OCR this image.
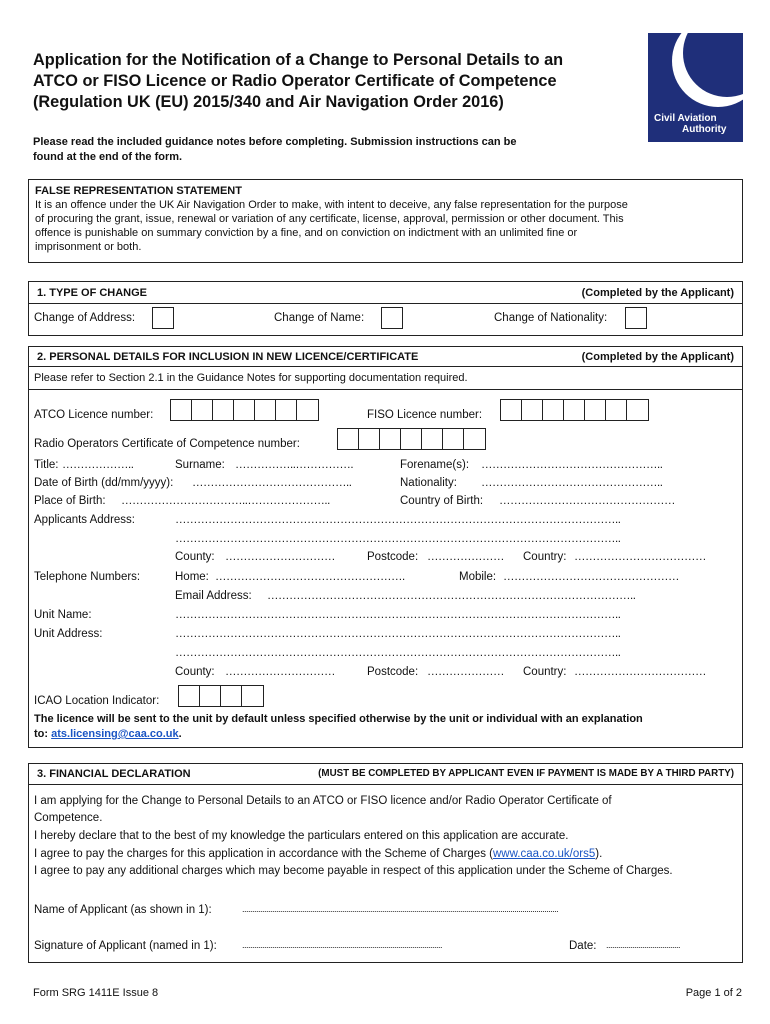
Application for the Notification of a Change to Personal Details to an
ATCO or FISO Licence or Radio Operator Certificate of Competence
(Regulation UK (EU) 2015/340 and Air Navigation Order 2016)
Civil Aviation
Authority
Please read the included guidance notes before completing. Submission instructions can be
found at the end of the form.
FALSE REPRESENTATION STATEMENT
It is an offence under the UK Air Navigation Order to make, with intent to deceive, any false representation for the purpose
of procuring the grant, issue, renewal or variation of any certificate, license, approval, permission or other document. This
offence is punishable on summary conviction by a fine, and on conviction on indictment with an unlimited fine or
imprisonment or both.
1. TYPE OF CHANGE	(Completed by the Applicant)
Change of Address:	Change of Name:	Change of Nationality:
2. PERSONAL DETAILS FOR INCLUSION IN NEW LICENCE/CERTIFICATE	(Completed by the Applicant)
Please refer to Section 2.1 in the Guidance Notes for supporting documentation required.
ATCO Licence number:	FISO Licence number:
Radio Operators Certificate of Competence number:
Title: ………………..	Surname: ……………..…………….	Forename(s): …………………………………………..
Date of Birth (dd/mm/yyyy): ……………………………………..	Nationality: …………………………………………..
Place of Birth: ……………………………..…………………..	Country of Birth: …………………………………………
Applicants Address:	…………………………………………………………………………………………………………..
…………………………………………………………………………………………………………..
County: …………………………	Postcode: ………………… Country: ………………………………
Telephone Numbers:	Home: …………………………………………….	Mobile: …………………………………………
Email Address: ………………………………………………………………………………………..
Unit Name:	…………………………………………………………………………………………………………..
Unit Address:	…………………………………………………………………………………………………………..
…………………………………………………………………………………………………………..
County: …………………………	Postcode: ………………… Country: ………………………………
ICAO Location Indicator:
The licence will be sent to the unit by default unless specified otherwise by the unit or individual with an explanation
to: ats.licensing@caa.co.uk.
3. FINANCIAL DECLARATION	(MUST BE COMPLETED BY APPLICANT EVEN IF PAYMENT IS MADE BY A THIRD PARTY)
I am applying for the Change to Personal Details to an ATCO or FISO licence and/or Radio Operator Certificate of
Competence.
I hereby declare that to the best of my knowledge the particulars entered on this application are accurate.
I agree to pay the charges for this application in accordance with the Scheme of Charges (www.caa.co.uk/ors5).
I agree to pay any additional charges which may become payable in respect of this application under the Scheme of Charges.
Name of Applicant (as shown in 1):	..............................................................................................................................................................
Signature of Applicant (named in 1):	....................................................................................................	Date: .....................................
Form SRG 1411E Issue 8	Page 1 of 2
